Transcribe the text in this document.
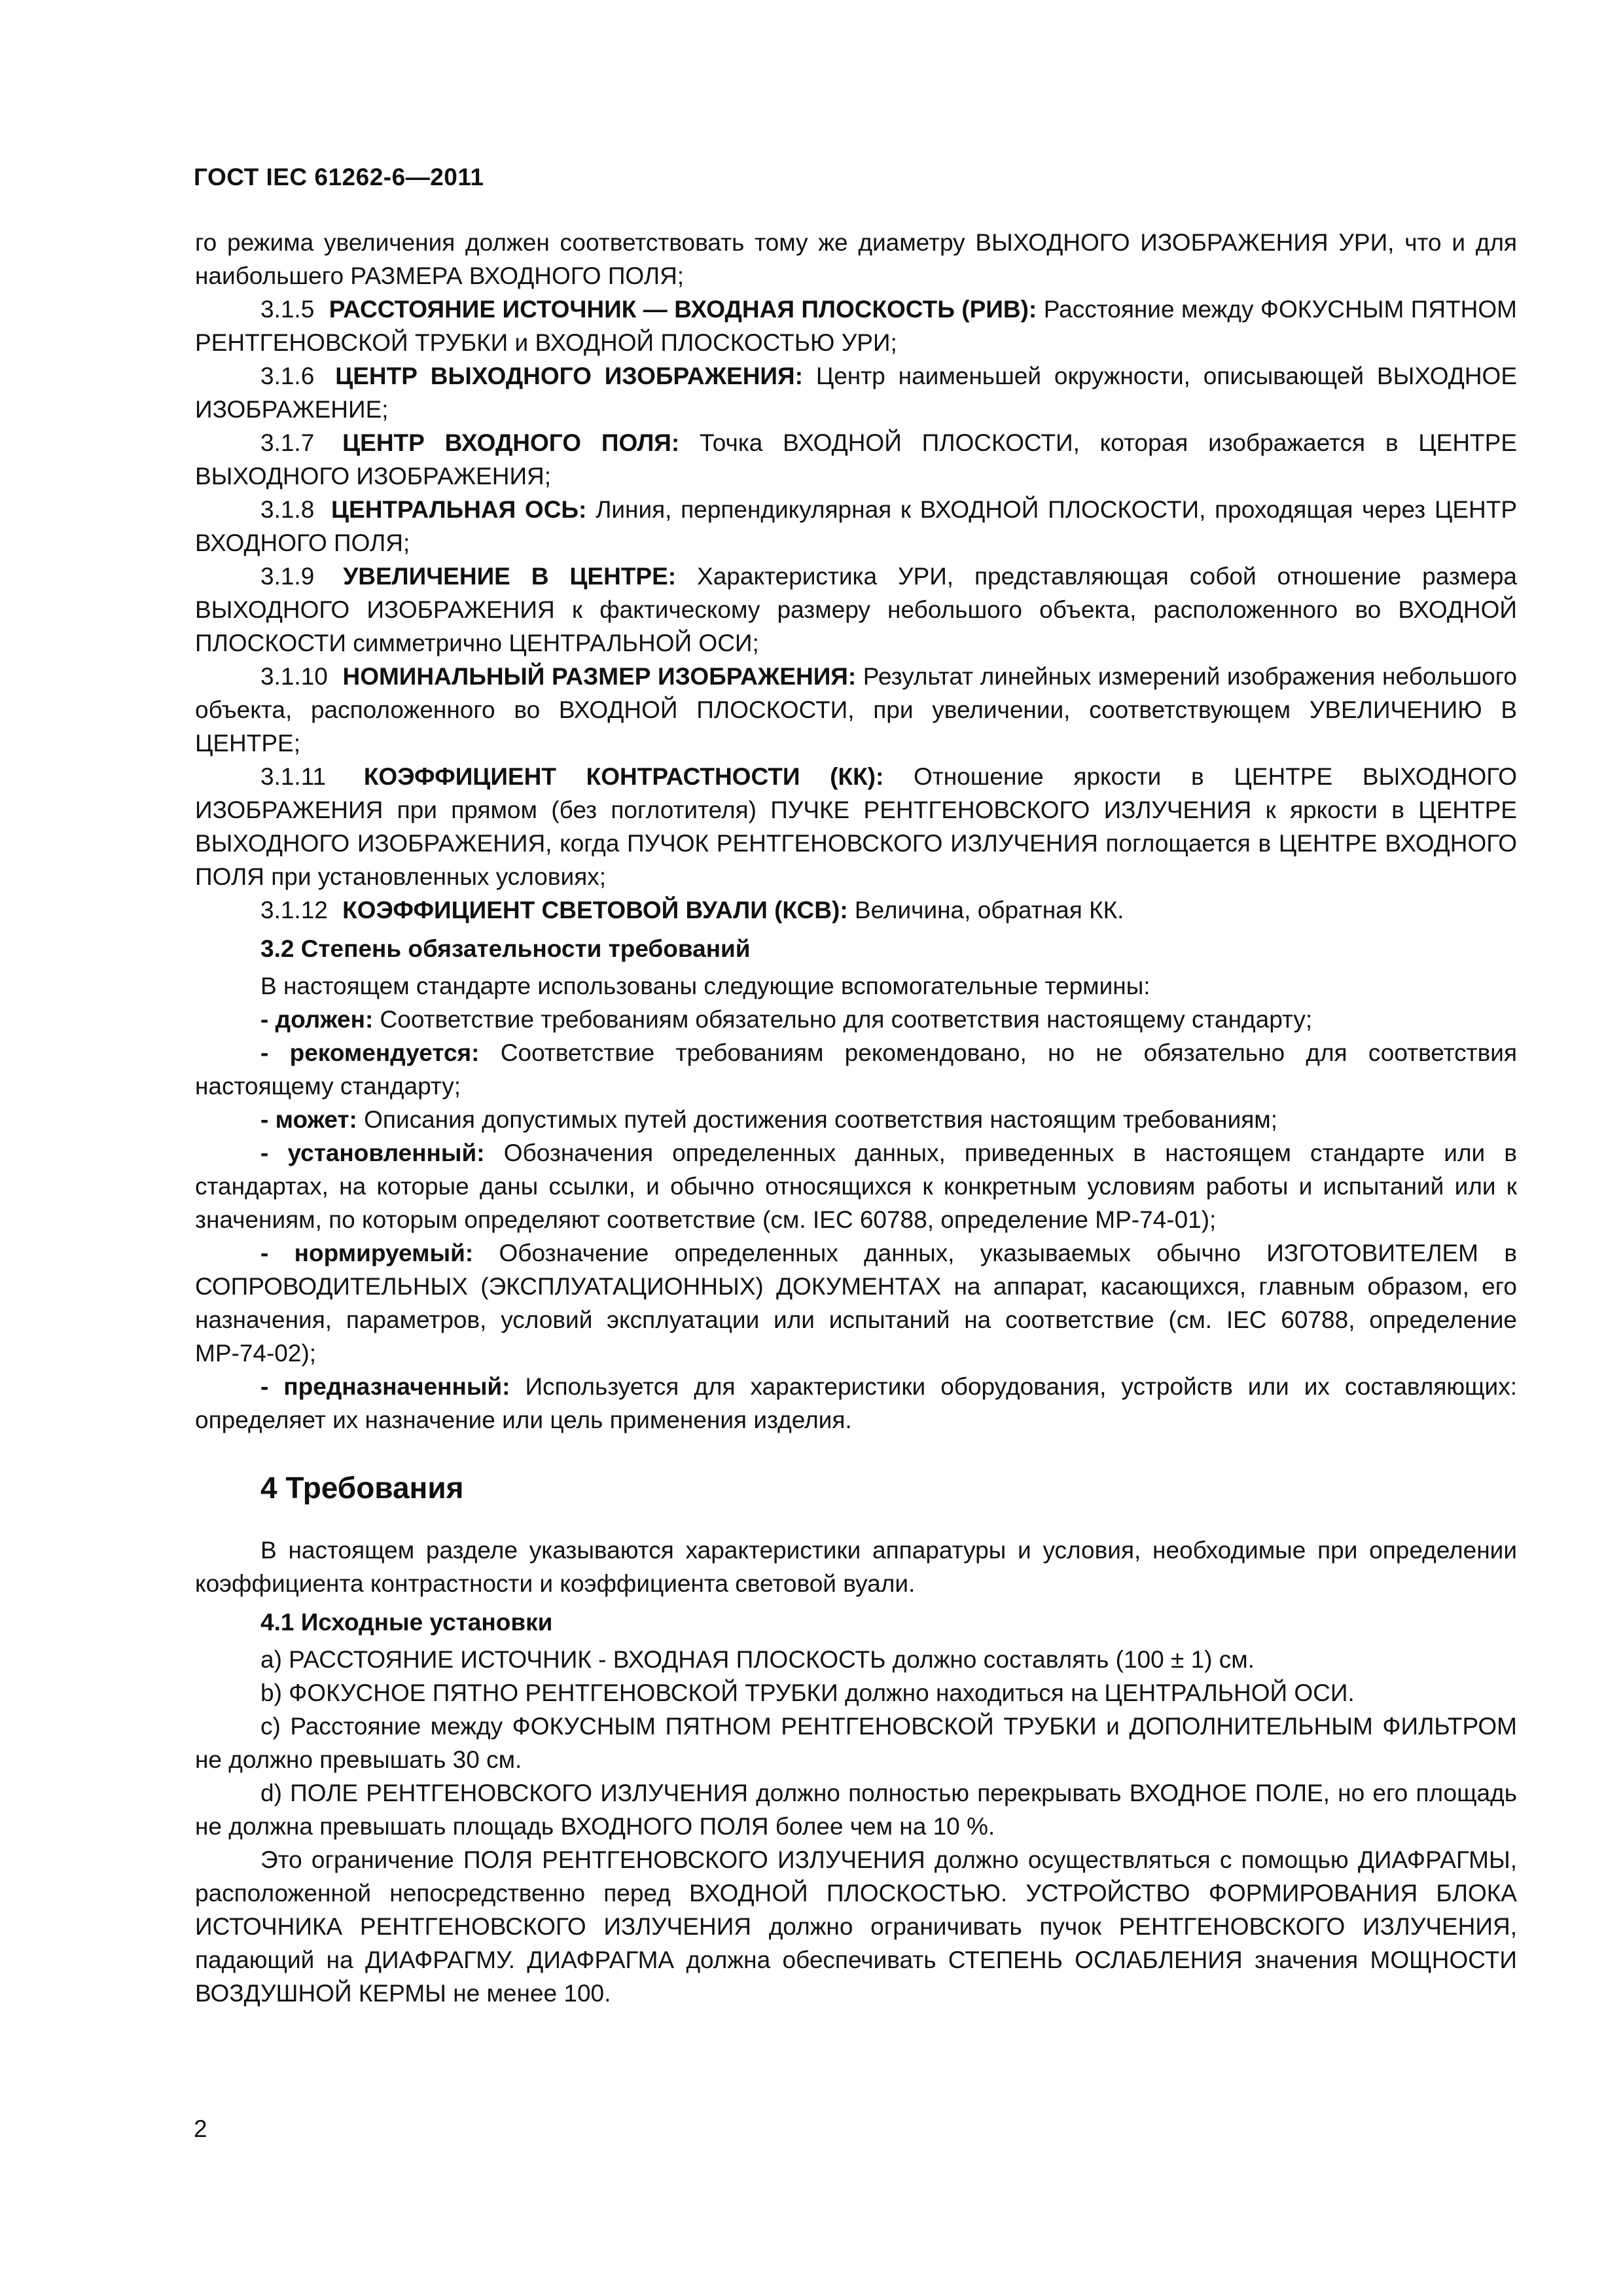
ГОСТ IEC 61262-6—2011

го режима увеличения должен соответствовать тому же диаметру ВЫХОДНОГО ИЗОБРАЖЕНИЯ УРИ, что и для наибольшего РАЗМЕРА ВХОДНОГО ПОЛЯ;

3.1.5 РАССТОЯНИЕ ИСТОЧНИК — ВХОДНАЯ ПЛОСКОСТЬ (РИВ): Расстояние между ФОКУСНЫМ ПЯТНОМ РЕНТГЕНОВСКОЙ ТРУБКИ и ВХОДНОЙ ПЛОСКОСТЬЮ УРИ;

3.1.6 ЦЕНТР ВЫХОДНОГО ИЗОБРАЖЕНИЯ: Центр наименьшей окружности, описывающей ВЫХОДНОЕ ИЗОБРАЖЕНИЕ;

3.1.7 ЦЕНТР ВХОДНОГО ПОЛЯ: Точка ВХОДНОЙ ПЛОСКОСТИ, которая изображается в ЦЕНТРЕ ВЫХОДНОГО ИЗОБРАЖЕНИЯ;

3.1.8 ЦЕНТРАЛЬНАЯ ОСЬ: Линия, перпендикулярная к ВХОДНОЙ ПЛОСКОСТИ, проходящая через ЦЕНТР ВХОДНОГО ПОЛЯ;

3.1.9 УВЕЛИЧЕНИЕ В ЦЕНТРЕ: Характеристика УРИ, представляющая собой отношение размера ВЫХОДНОГО ИЗОБРАЖЕНИЯ к фактическому размеру небольшого объекта, расположенного во ВХОДНОЙ ПЛОСКОСТИ симметрично ЦЕНТРАЛЬНОЙ ОСИ;

3.1.10 НОМИНАЛЬНЫЙ РАЗМЕР ИЗОБРАЖЕНИЯ: Результат линейных измерений изображения небольшого объекта, расположенного во ВХОДНОЙ ПЛОСКОСТИ, при увеличении, соответствующем УВЕЛИЧЕНИЮ В ЦЕНТРЕ;

3.1.11 КОЭФФИЦИЕНТ КОНТРАСТНОСТИ (КК): Отношение яркости в ЦЕНТРЕ ВЫХОДНОГО ИЗОБРАЖЕНИЯ при прямом (без поглотителя) ПУЧКЕ РЕНТГЕНОВСКОГО ИЗЛУЧЕНИЯ к яркости в ЦЕНТРЕ ВЫХОДНОГО ИЗОБРАЖЕНИЯ, когда ПУЧОК РЕНТГЕНОВСКОГО ИЗЛУЧЕНИЯ поглощается в ЦЕНТРЕ ВХОДНОГО ПОЛЯ при установленных условиях;

3.1.12 КОЭФФИЦИЕНТ СВЕТОВОЙ ВУАЛИ (КСВ): Величина, обратная КК.

3.2 Степень обязательности требований

В настоящем стандарте использованы следующие вспомогательные термины:

- должен: Соответствие требованиям обязательно для соответствия настоящему стандарту;

- рекомендуется: Соответствие требованиям рекомендовано, но не обязательно для соответствия настоящему стандарту;

- может: Описания допустимых путей достижения соответствия настоящим требованиям;

- установленный: Обозначения определенных данных, приведенных в настоящем стандарте или в стандартах, на которые даны ссылки, и обычно относящихся к конкретным условиям работы и испытаний или к значениям, по которым определяют соответствие (см. IEC 60788, определение МР-74-01);

- нормируемый: Обозначение определенных данных, указываемых обычно ИЗГОТОВИТЕЛЕМ в СОПРОВОДИТЕЛЬНЫХ (ЭКСПЛУАТАЦИОННЫХ) ДОКУМЕНТАХ на аппарат, касающихся, главным образом, его назначения, параметров, условий эксплуатации или испытаний на соответствие (см. IEC 60788, определение МР-74-02);

- предназначенный: Используется для характеристики оборудования, устройств или их составляющих: определяет их назначение или цель применения изделия.

4 Требования

В настоящем разделе указываются характеристики аппаратуры и условия, необходимые при определении коэффициента контрастности и коэффициента световой вуали.

4.1 Исходные установки

a) РАССТОЯНИЕ ИСТОЧНИК - ВХОДНАЯ ПЛОСКОСТЬ должно составлять (100 ± 1) см.

b) ФОКУСНОЕ ПЯТНО РЕНТГЕНОВСКОЙ ТРУБКИ должно находиться на ЦЕНТРАЛЬНОЙ ОСИ.

c) Расстояние между ФОКУСНЫМ ПЯТНОМ РЕНТГЕНОВСКОЙ ТРУБКИ и ДОПОЛНИТЕЛЬНЫМ ФИЛЬТРОМ не должно превышать 30 см.

d) ПОЛЕ РЕНТГЕНОВСКОГО ИЗЛУЧЕНИЯ должно полностью перекрывать ВХОДНОЕ ПОЛЕ, но его площадь не должна превышать площадь ВХОДНОГО ПОЛЯ более чем на 10 %.

Это ограничение ПОЛЯ РЕНТГЕНОВСКОГО ИЗЛУЧЕНИЯ должно осуществляться с помощью ДИАФРАГМЫ, расположенной непосредственно перед ВХОДНОЙ ПЛОСКОСТЬЮ. УСТРОЙСТВО ФОРМИРОВАНИЯ БЛОКА ИСТОЧНИКА РЕНТГЕНОВСКОГО ИЗЛУЧЕНИЯ должно ограничивать пучок РЕНТГЕНОВСКОГО ИЗЛУЧЕНИЯ, падающий на ДИАФРАГМУ. ДИАФРАГМА должна обеспечивать СТЕПЕНЬ ОСЛАБЛЕНИЯ значения МОЩНОСТИ ВОЗДУШНОЙ КЕРМЫ не менее 100.

2
